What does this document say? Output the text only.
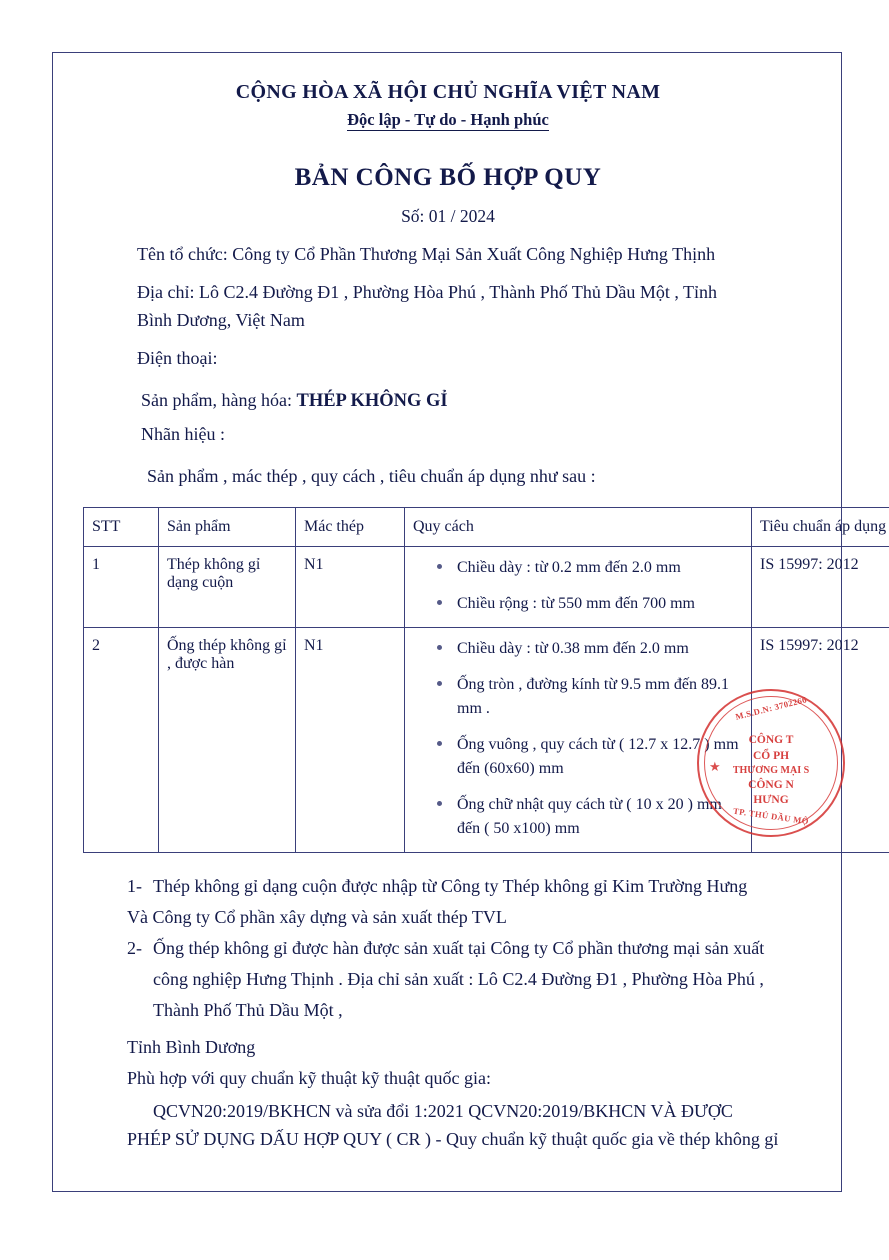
CỘNG HÒA XÃ HỘI CHỦ NGHĨA VIỆT NAM
Độc lập - Tự do - Hạnh phúc
BẢN CÔNG BỐ HỢP QUY
Số: 01 / 2024
Tên tổ chức: Công ty Cổ Phần Thương Mại Sản Xuất Công Nghiệp Hưng Thịnh
Địa chỉ: Lô C2.4 Đường Đ1 , Phường Hòa Phú , Thành Phố Thủ Dầu Một , Tỉnh
Bình Dương, Việt Nam
Điện thoại:
Sản phẩm, hàng hóa: THÉP KHÔNG GỈ
Nhãn hiệu :
Sản phẩm , mác thép , quy cách , tiêu chuẩn áp dụng như sau :
STT	Sản phẩm	Mác thép	Quy cách	Tiêu chuẩn áp dụng
1	Thép không gỉ dạng cuộn	N1	Chiều dày : từ 0.2 mm đến 2.0 mm
Chiều rộng : từ 550 mm đến 700 mm
	IS 15997: 2012
2	Ống thép không gỉ , được hàn	N1	Chiều dày : từ 0.38 mm đến 2.0 mm
Ống tròn , đường kính từ 9.5 mm đến 89.1 mm .
Ống vuông , quy cách từ ( 12.7 x 12.7 ) mm đến (60x60) mm
Ống chữ nhật quy cách từ ( 10 x 20 ) mm đến ( 50 x100) mm
	IS 15997: 2012
1- Thép không gỉ dạng cuộn được nhập từ Công ty Thép không gỉ Kim Trường Hưng
Và Công ty Cổ phần xây dựng và sản xuất thép TVL
2- Ống thép không gỉ được hàn được sản xuất tại Công ty Cổ phần thương mại sản xuất
công nghiệp Hưng Thịnh . Địa chỉ sản xuất : Lô C2.4 Đường Đ1 , Phường Hòa Phú ,
Thành Phố Thủ Dầu Một ,
Tỉnh Bình Dương
Phù hợp với quy chuẩn kỹ thuật kỹ thuật quốc gia:
QCVN20:2019/BKHCN và sửa đổi 1:2021 QCVN20:2019/BKHCN VÀ ĐƯỢC
PHÉP SỬ DỤNG DẤU HỢP QUY ( CR ) - Quy chuẩn kỹ thuật quốc gia về thép không gỉ
★
M.S.D.N: 3702266
CÔNG T
CỔ PH
THƯƠNG MẠI S
CÔNG N
HƯNG
TP. THỦ DẦU MỘ
